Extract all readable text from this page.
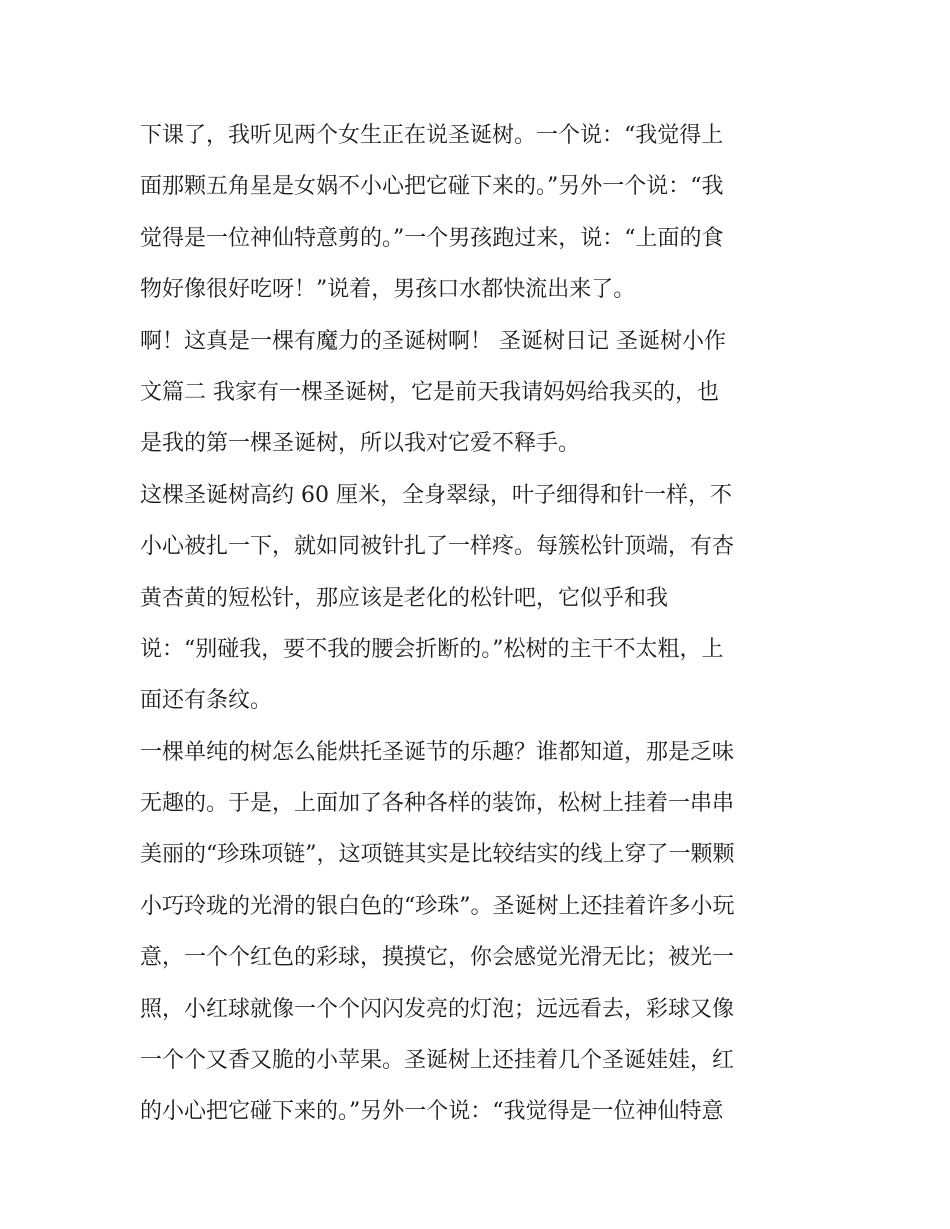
下课了，我听见两个女生正在说圣诞树。一个说：“我觉得上
面那颗五角星是女娲不小心把它碰下来的。”另外一个说：“我
觉得是一位神仙特意剪的。”一个男孩跑过来，说：“上面的食
物好像很好吃呀！”说着，男孩口水都快流出来了。
啊！这真是一棵有魔力的圣诞树啊！ 圣诞树日记 圣诞树小作
文篇二 我家有一棵圣诞树，它是前天我请妈妈给我买的，也
是我的第一棵圣诞树，所以我对它爱不释手。
这棵圣诞树高约 60 厘米，全身翠绿，叶子细得和针一样，不
小心被扎一下，就如同被针扎了一样疼。每簇松针顶端，有杏
黄杏黄的短松针，那应该是老化的松针吧，它似乎和我
说：“别碰我，要不我的腰会折断的。”松树的主干不太粗，上
面还有条纹。
一棵单纯的树怎么能烘托圣诞节的乐趣？谁都知道，那是乏味
无趣的。于是，上面加了各种各样的装饰，松树上挂着一串串
美丽的“珍珠项链”，这项链其实是比较结实的线上穿了一颗颗
小巧玲珑的光滑的银白色的“珍珠”。圣诞树上还挂着许多小玩
意，一个个红色的彩球，摸摸它，你会感觉光滑无比；被光一
照，小红球就像一个个闪闪发亮的灯泡；远远看去，彩球又像
一个个又香又脆的小苹果。圣诞树上还挂着几个圣诞娃娃，红
的小心把它碰下来的。”另外一个说：“我觉得是一位神仙特意
